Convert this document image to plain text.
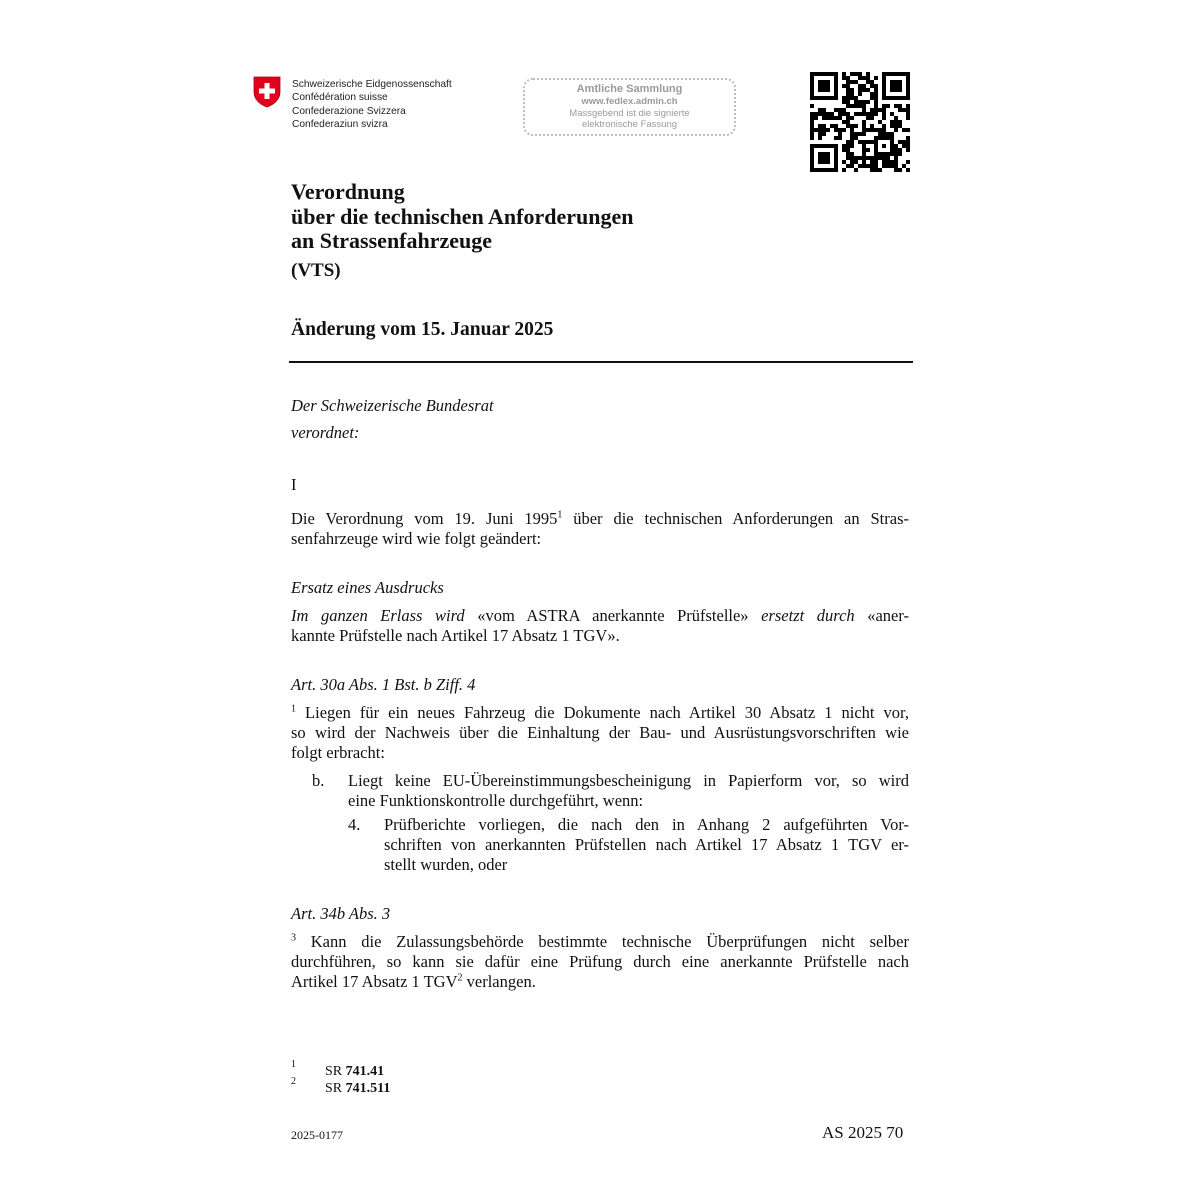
Schweizerische Eidgenossenschaft
Confédération suisse
Confederazione Svizzera
Confederaziun svizra
Amtliche Sammlung
www.fedlex.admin.ch
Massgebend ist die signierte
elektronische Fassung
Verordnung
über die technischen Anforderungen
an Strassenfahrzeuge
(VTS)
Änderung vom 15. Januar 2025
Der Schweizerische Bundesrat
verordnet:
I
Die Verordnung vom 19. Juni 1995$^1$ über die technischen Anforderungen an Stras-
senfahrzeuge wird wie folgt geändert:
Ersatz eines Ausdrucks
Im ganzen Erlass wird «vom ASTRA anerkannte Prüfstelle» ersetzt durch «aner-
kannte Prüfstelle nach Artikel 17 Absatz 1 TGV».
Art. 30a Abs. 1 Bst. b Ziff. 4
$^1$ Liegen für ein neues Fahrzeug die Dokumente nach Artikel 30 Absatz 1 nicht vor,
so wird der Nachweis über die Einhaltung der Bau- und Ausrüstungsvorschriften wie
folgt erbracht:
b. Liegt keine EU-Übereinstimmungsbescheinigung in Papierform vor, so wird
eine Funktionskontrolle durchgeführt, wenn:
4. Prüfberichte vorliegen, die nach den in Anhang 2 aufgeführten Vor-
schriften von anerkannten Prüfstellen nach Artikel 17 Absatz 1 TGV er-
stellt wurden, oder
Art. 34b Abs. 3
$^3$ Kann die Zulassungsbehörde bestimmte technische Überprüfungen nicht selber
durchführen, so kann sie dafür eine Prüfung durch eine anerkannte Prüfstelle nach
Artikel 17 Absatz 1 TGV$^2$ verlangen.
$^1$ SR 741.41
$^2$ SR 741.511
2025-0177	AS 2025 70
